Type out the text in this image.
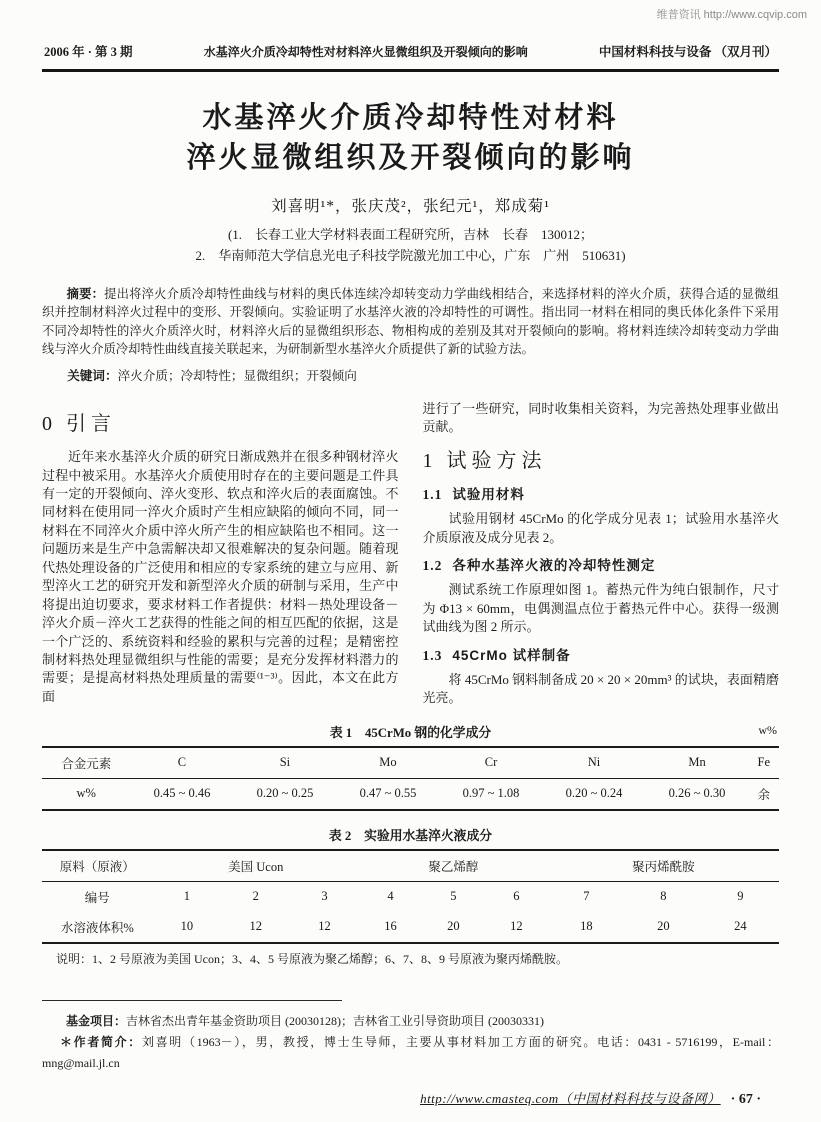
维普资讯 http://www.cqvip.com
2006 年 · 第 3 期	水基淬火介质冷却特性对材料淬火显微组织及开裂倾向的影响	中国材料科技与设备 （双月刊）
水基淬火介质冷却特性对材料
淬火显微组织及开裂倾向的影响
刘喜明¹*，张庆茂²，张纪元¹，郑成菊¹
(1.　长春工业大学材料表面工程研究所，吉林　长春　130012；
2.　华南师范大学信息光电子科技学院激光加工中心，广东　广州　510631)

摘要：提出将淬火介质冷却特性曲线与材料的奥氏体连续冷却转变动力学曲线相结合，来选择材料的淬火介质，获得合适的显微组织并控制材料淬火过程中的变形、开裂倾向。实验证明了水基淬火液的冷却特性的可调性。指出同一材料在相同的奥氏体化条件下采用不同冷却特性的淬火介质淬火时，材料淬火后的显微组织形态、物相构成的差别及其对开裂倾向的影响。将材料连续冷却转变动力学曲线与淬火介质冷却特性曲线直接关联起来，为研制新型水基淬火介质提供了新的试验方法。

关键词：淬火介质；冷却特性；显微组织；开裂倾向
0 引言

近年来水基淬火介质的研究日渐成熟并在很多种钢材淬火过程中被采用。水基淬火介质使用时存在的主要问题是工件具有一定的开裂倾向、淬火变形、软点和淬火后的表面腐蚀。不同材料在使用同一淬火介质时产生相应缺陷的倾向不同，同一材料在不同淬火介质中淬火所产生的相应缺陷也不相同。这一问题历来是生产中急需解决却又很难解决的复杂问题。随着现代热处理设备的广泛使用和相应的专家系统的建立与应用、新型淬火工艺的研究开发和新型淬火介质的研制与采用，生产中将提出迫切要求，要求材料工作者提供：材料－热处理设备－淬火介质－淬火工艺获得的性能之间的相互匹配的依据，这是一个广泛的、系统资料和经验的累积与完善的过程；是精密控制材料热处理显微组织与性能的需要；是充分发挥材料潜力的需要；是提高材料热处理质量的需要⁽¹⁻³⁾。因此，本文在此方面

进行了一些研究，同时收集相关资料，为完善热处理事业做出贡献。

1 试验方法
1.1 试验用材料

试验用钢材 45CrMo 的化学成分见表 1；试验用水基淬火介质原液及成分见表 2。

1.2 各种水基淬火液的冷却特性测定

测试系统工作原理如图 1。蓄热元件为纯白银制作，尺寸为 Φ13 × 60mm，电偶测温点位于蓄热元件中心。获得一级测试曲线为图 2 所示。

1.3 45CrMo 试样制备

将 45CrMo 钢料制备成 20 × 20 × 20mm³ 的试块，表面精磨光亮。

表 1　45CrMo 钢的化学成分	w%
合金元素	C	Si	Mo	Cr	Ni	Mn	Fe
w%	0.45 ~ 0.46	0.20 ~ 0.25	0.47 ~ 0.55	0.97 ~ 1.08	0.20 ~ 0.24	0.26 ~ 0.30	余
表 2　实验用水基淬火液成分
原料（原液）	美国 Ucon			聚乙烯醇			聚丙烯酰胺		
编号	1	2	3	4	5	6	7	8	9
水溶液体积%	10	12	12	16	20	12	18	20	24
说明：1、2 号原液为美国 Ucon；3、4、5 号原液为聚乙烯醇；6、7、8、9 号原液为聚丙烯酰胺。

基金项目：吉林省杰出青年基金资助项目 (20030128)；吉林省工业引导资助项目 (20030331)

＊作者简介：刘喜明（1963－），男，教授，博士生导师，主要从事材料加工方面的研究。电话：0431 - 5716199，E-mail：mng@mail.jl.cn

http://www.cmasteq.com（中国材料科技与设备网） · 67 ·
